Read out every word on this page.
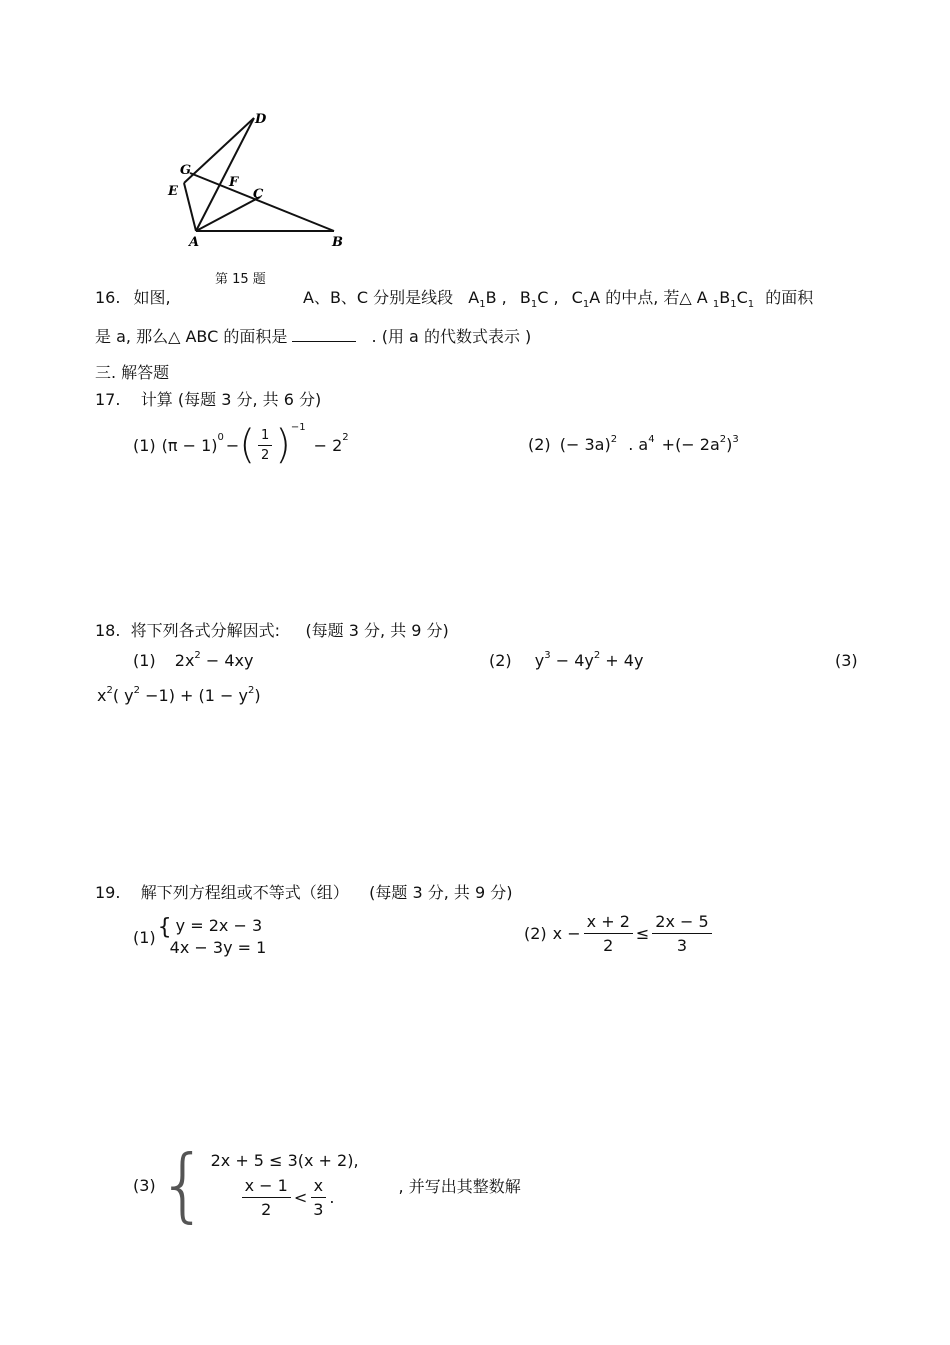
D
G
E
F
C
A	B
第 15 题
16. 如图,	A、B、C 分别是线段 $A_1B$ , $B_1C$ , $C_1A$ 的中点, 若△ A $_1B_1C_1$ 的面积
是 a, 那么△ ABC 的面积是	. (用 a 的代数式表示 )
三. 解答题
17.    计算 (每题 3 分, 共 6 分)
(1) (π − 1) 0 − ( $\frac{1}{2}$ ) −1
− 2 2	(2) (− 3a)$^2$ . $a^4$ +(− $2a^2)^3$
18.  将下列各式分解因式:     (每题 3 分, 共 9 分)
(1) $2x^2 - 4xy$	(2) $y^3 - 4y^2 + 4y$	(3)
$x^2$( $y^2 -1) + (1 - y^2)$
19.    解下列方程组或不等式（组）    (每题 3 分, 共 9 分)
(1) { y = 2x − 3
4x − 3y = 1
(2) $x - \frac{x + 2}{2} \le \frac{2x - 5}{3}$
(3) { 2x + 5 ≤ 3(x + 2),
$\frac{x - 1}{2} < \frac{x}{3}$ .
, 并写出其整数解
